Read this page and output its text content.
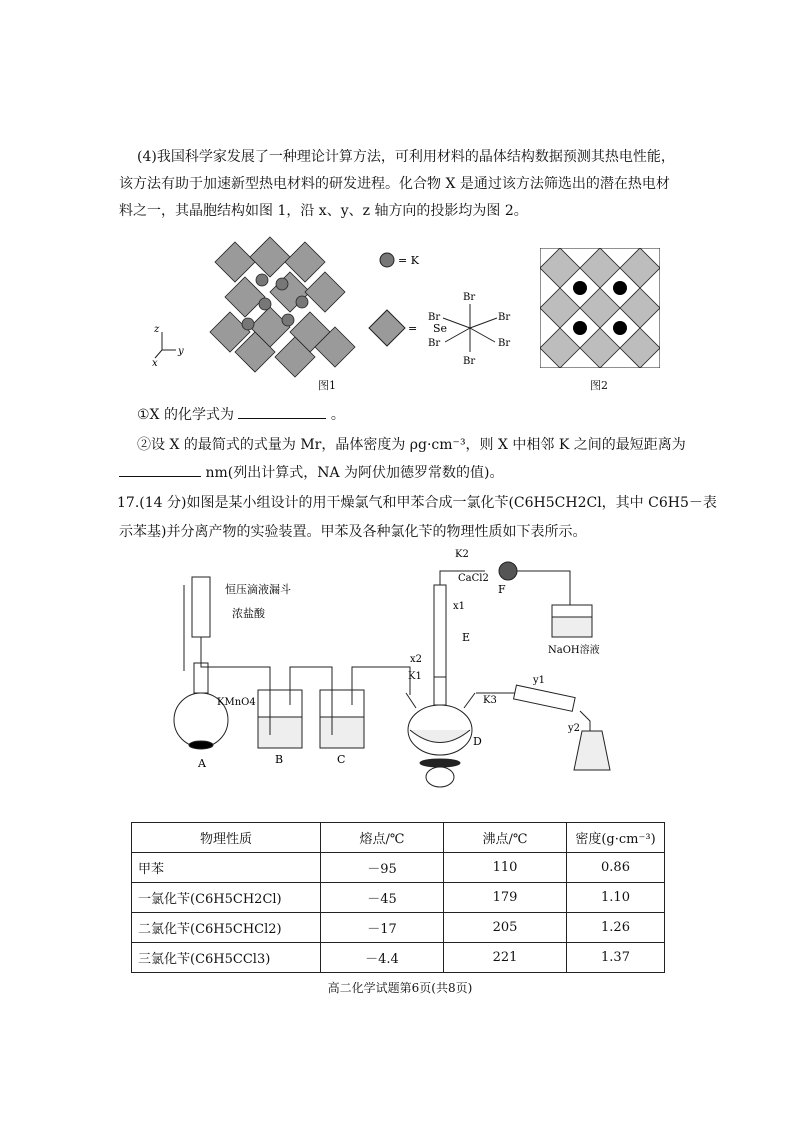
(4)我国科学家发展了一种理论计算方法，可利用材料的晶体结构数据预测其热电性能，
该方法有助于加速新型热电材料的研发进程。化合物 X 是通过该方法筛选出的潜在热电材
料之一，其晶胞结构如图 1，沿 x、y、z 轴方向的投影均为图 2。
z
y
x
= K
= Se
Br
Br	Br
Br	Br
Br
图1	图2
①X 的化学式为	。
②设 X 的最简式的式量为 Mr，晶体密度为 ρg·cm⁻³，则 X 中相邻 K 之间的最短距离为
nm(列出计算式，NA 为阿伏加德罗常数的值)。
17.(14 分)如图是某小组设计的用干燥氯气和甲苯合成一氯化苄(C6H5CH2Cl，其中 C6H5－表
示苯基)并分离产物的实验装置。甲苯及各种氯化苄的物理性质如下表所示。
恒压滴液漏斗
浓盐酸
KMnO4
A	B	C
D
E
F
K1
K2
K3
x1
x2
y1
y2
CaCl2
NaOH溶液
物理性质	熔点/℃	沸点/℃	密度(g·cm⁻³)
甲苯	－95	110	0.86
一氯化苄(C6H5CH2Cl)	－45	179	1.10
二氯化苄(C6H5CHCl2)	－17	205	1.26
三氯化苄(C6H5CCl3)	－4.4	221	1.37
高二化学试题第6页(共8页)
